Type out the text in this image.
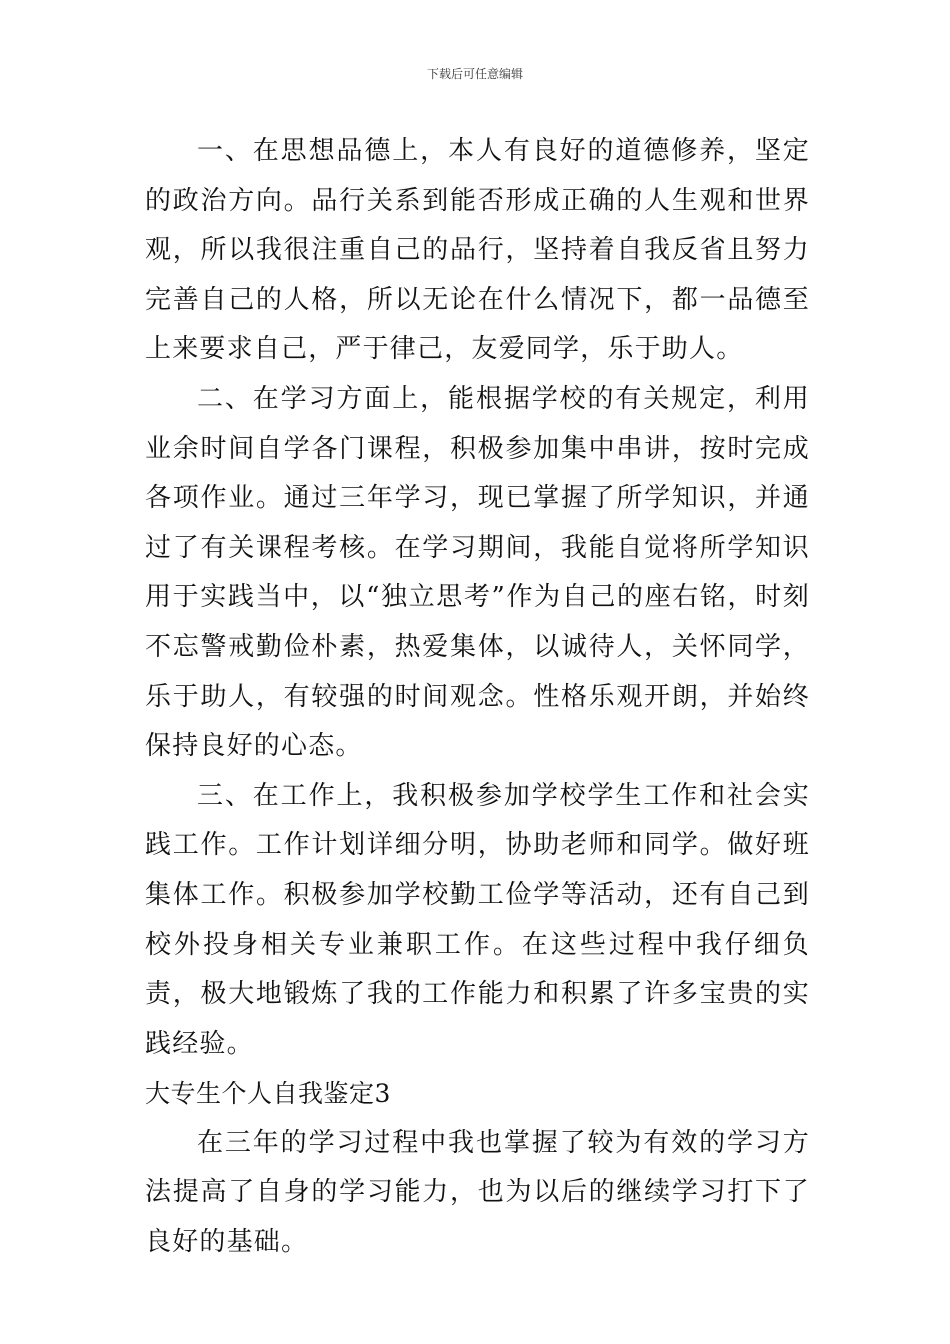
下载后可任意编辑

一、在思想品德上，本人有良好的道德修养，坚定的政治方向。品行关系到能否形成正确的人生观和世界观，所以我很注重自己的品行，坚持着自我反省且努力完善自己的人格，所以无论在什么情况下，都一品德至上来要求自己，严于律己，友爱同学，乐于助人。

二、在学习方面上，能根据学校的有关规定，利用业余时间自学各门课程，积极参加集中串讲，按时完成各项作业。通过三年学习，现已掌握了所学知识，并通过了有关课程考核。在学习期间，我能自觉将所学知识用于实践当中，以“独立思考”作为自己的座右铭，时刻不忘警戒勤俭朴素，热爱集体，以诚待人，关怀同学，乐于助人，有较强的时间观念。性格乐观开朗，并始终保持良好的心态。

三、在工作上，我积极参加学校学生工作和社会实践工作。工作计划详细分明，协助老师和同学。做好班集体工作。积极参加学校勤工俭学等活动，还有自己到校外投身相关专业兼职工作。在这些过程中我仔细负责，极大地锻炼了我的工作能力和积累了许多宝贵的实践经验。

大专生个人自我鉴定3

在三年的学习过程中我也掌握了较为有效的学习方法提高了自身的学习能力，也为以后的继续学习打下了良好的基础。
